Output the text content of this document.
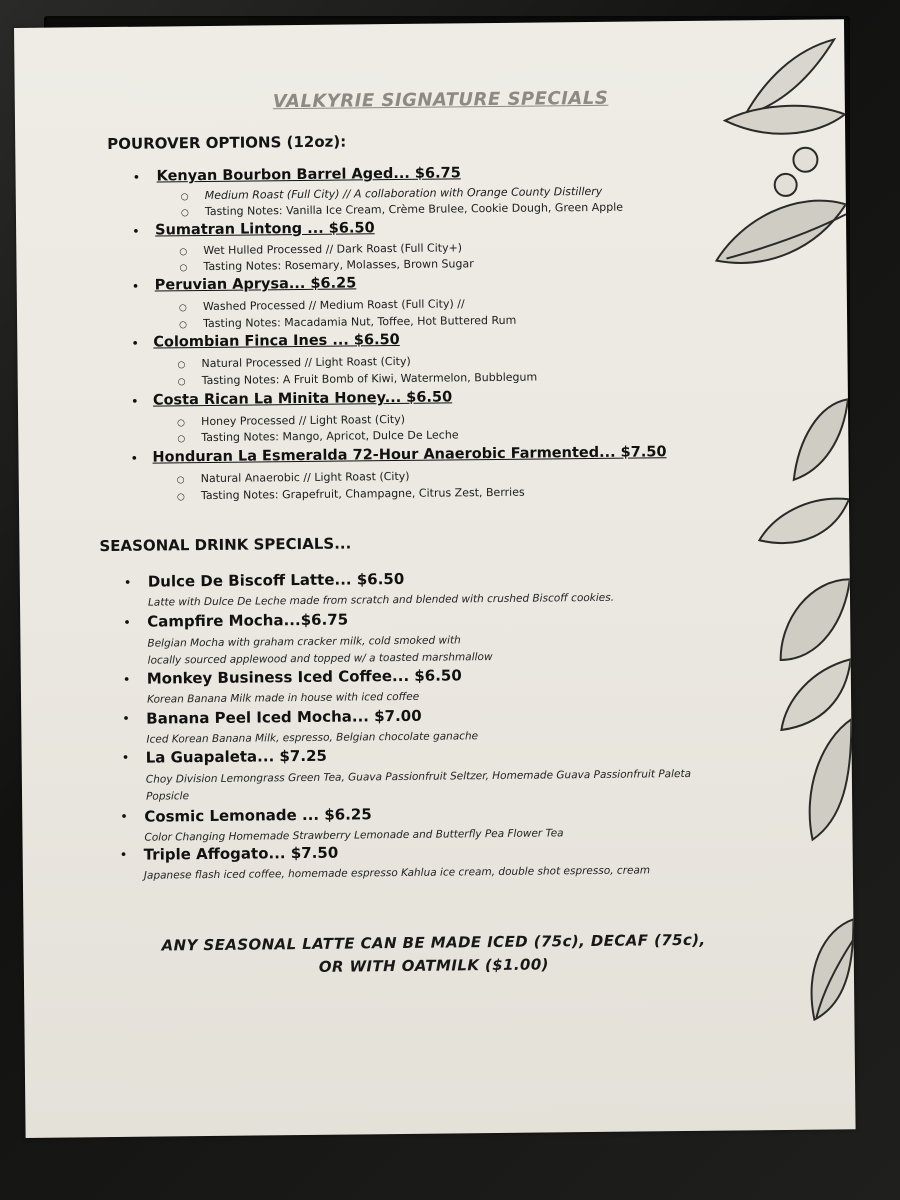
VALKYRIE SIGNATURE SPECIALS
POUROVER OPTIONS (12oz):
• Kenyan Bourbon Barrel Aged... $6.75
○ Medium Roast (Full City) // A collaboration with Orange County Distillery
○ Tasting Notes: Vanilla Ice Cream, Crème Brulee, Cookie Dough, Green Apple
• Sumatran Lintong ... $6.50
○ Wet Hulled Processed // Dark Roast (Full City+)
○ Tasting Notes: Rosemary, Molasses, Brown Sugar
• Peruvian Aprysa... $6.25
○ Washed Processed // Medium Roast (Full City) //
○ Tasting Notes: Macadamia Nut, Toffee, Hot Buttered Rum
• Colombian Finca Ines ... $6.50
○ Natural Processed // Light Roast (City)
○ Tasting Notes: A Fruit Bomb of Kiwi, Watermelon, Bubblegum
• Costa Rican La Minita Honey... $6.50
○ Honey Processed // Light Roast (City)
○ Tasting Notes: Mango, Apricot, Dulce De Leche
• Honduran La Esmeralda 72-Hour Anaerobic Farmented... $7.50
○ Natural Anaerobic // Light Roast (City)
○ Tasting Notes: Grapefruit, Champagne, Citrus Zest, Berries
SEASONAL DRINK SPECIALS...
• Dulce De Biscoff Latte... $6.50
Latte with Dulce De Leche made from scratch and blended with crushed Biscoff cookies.
• Campfire Mocha...$6.75
Belgian Mocha with graham cracker milk, cold smoked with
locally sourced applewood and topped w/ a toasted marshmallow
• Monkey Business Iced Coffee... $6.50
Korean Banana Milk made in house with iced coffee
• Banana Peel Iced Mocha... $7.00
Iced Korean Banana Milk, espresso, Belgian chocolate ganache
• La Guapaleta... $7.25
Choy Division Lemongrass Green Tea, Guava Passionfruit Seltzer, Homemade Guava Passionfruit Paleta
Popsicle
• Cosmic Lemonade ... $6.25
Color Changing Homemade Strawberry Lemonade and Butterfly Pea Flower Tea
• Triple Affogato... $7.50
Japanese flash iced coffee, homemade espresso Kahlua ice cream, double shot espresso, cream
ANY SEASONAL LATTE CAN BE MADE ICED (75c), DECAF (75c),
OR WITH OATMILK ($1.00)
